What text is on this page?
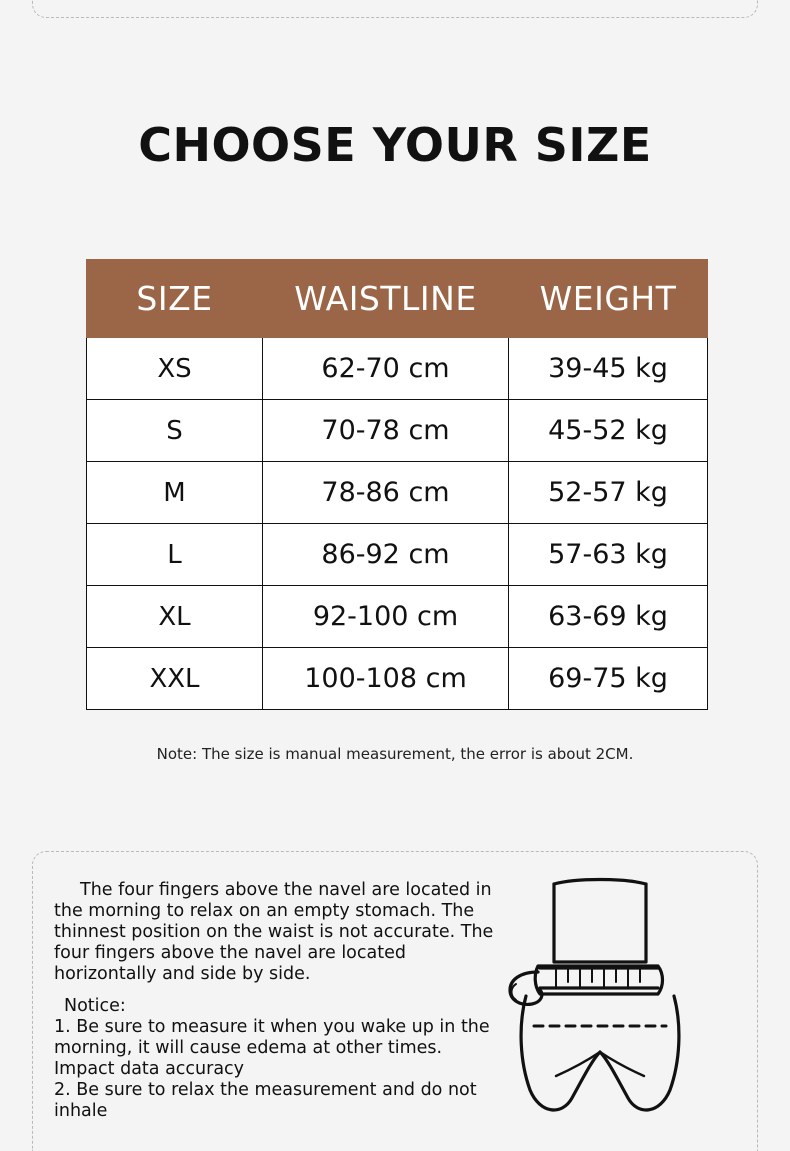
CHOOSE YOUR SIZE
SIZE	WAISTLINE	WEIGHT
XS	62-70 cm	39-45 kg
S	70-78 cm	45-52 kg
M	78-86 cm	52-57 kg
L	86-92 cm	57-63 kg
XL	92-100 cm	63-69 kg
XXL	100-108 cm	69-75 kg
Note: The size is manual measurement, the error is about 2CM.

The four fingers above the navel are located in the morning to relax on an empty stomach. The thinnest position on the waist is not accurate. The four fingers above the navel are located horizontally and side by side.

Notice:

1. Be sure to measure it when you wake up in the morning, it will cause edema at other times. Impact data accuracy

2. Be sure to relax the measurement and do not inhale
